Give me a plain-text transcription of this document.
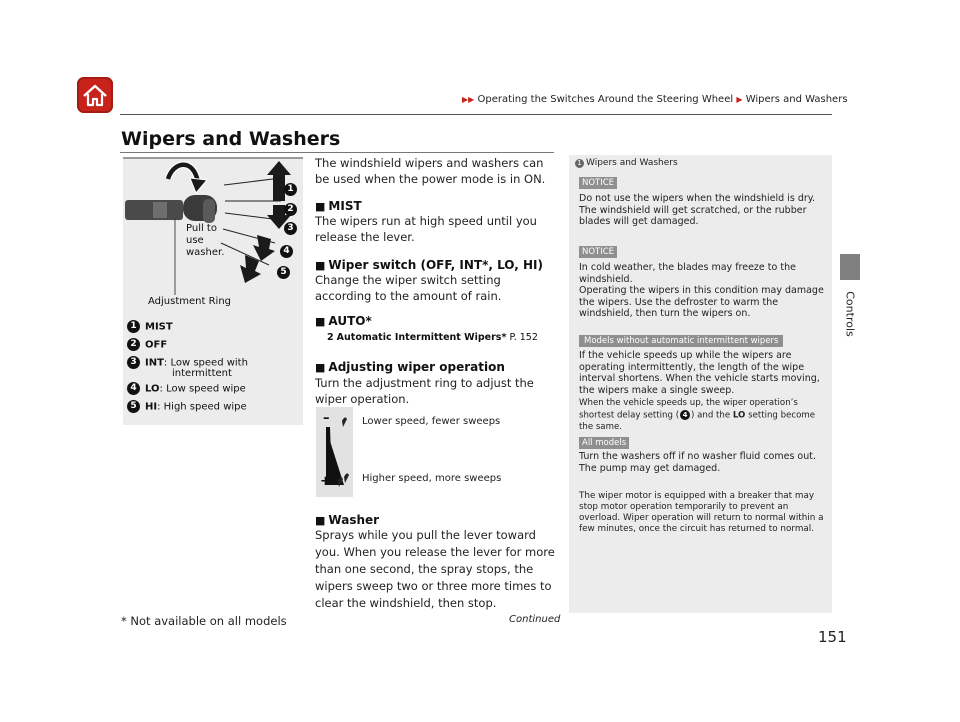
▶▶ Operating the Switches Around the Steering Wheel ▶ Wipers and Washers
Controls
Wipers and Washers
1
2
3
4
5
Pull to
use
washer.
Adjustment Ring
1 MIST
2 OFF
3 INT: Low speed with
intermittent
4 LO: Low speed wipe
5 HI: High speed wipe
The windshield wipers and washers can be used when the power mode is in ON.
■ MIST
The wipers run at high speed until you release the lever.
■ Wiper switch (OFF, INT*, LO, HI)
Change the wiper switch setting according to the amount of rain.
■ AUTO*
2 Automatic Intermittent Wipers* P. 152
■ Adjusting wiper operation
Turn the adjustment ring to adjust the wiper operation.
–
+
Lower speed, fewer sweeps
Higher speed, more sweeps
■ Washer
Sprays while you pull the lever toward you. When you release the lever for more than one second, the spray stops, the wipers sweep two or three more times to clear the windshield, then stop.
1 Wipers and Washers
NOTICE
Do not use the wipers when the windshield is dry. The windshield will get scratched, or the rubber blades will get damaged.
NOTICE
In cold weather, the blades may freeze to the windshield.
Operating the wipers in this condition may damage the wipers. Use the defroster to warm the windshield, then turn the wipers on.
Models without automatic intermittent wipers
If the vehicle speeds up while the wipers are operating intermittently, the length of the wipe interval shortens. When the vehicle starts moving, the wipers make a single sweep.
When the vehicle speeds up, the wiper operation’s shortest delay setting ( 4 ) and the LO setting become the same.
All models
Turn the washers off if no washer fluid comes out. The pump may get damaged.
The wiper motor is equipped with a breaker that may stop motor operation temporarily to prevent an overload. Wiper operation will return to normal within a few minutes, once the circuit has returned to normal.
Continued
* Not available on all models
151
